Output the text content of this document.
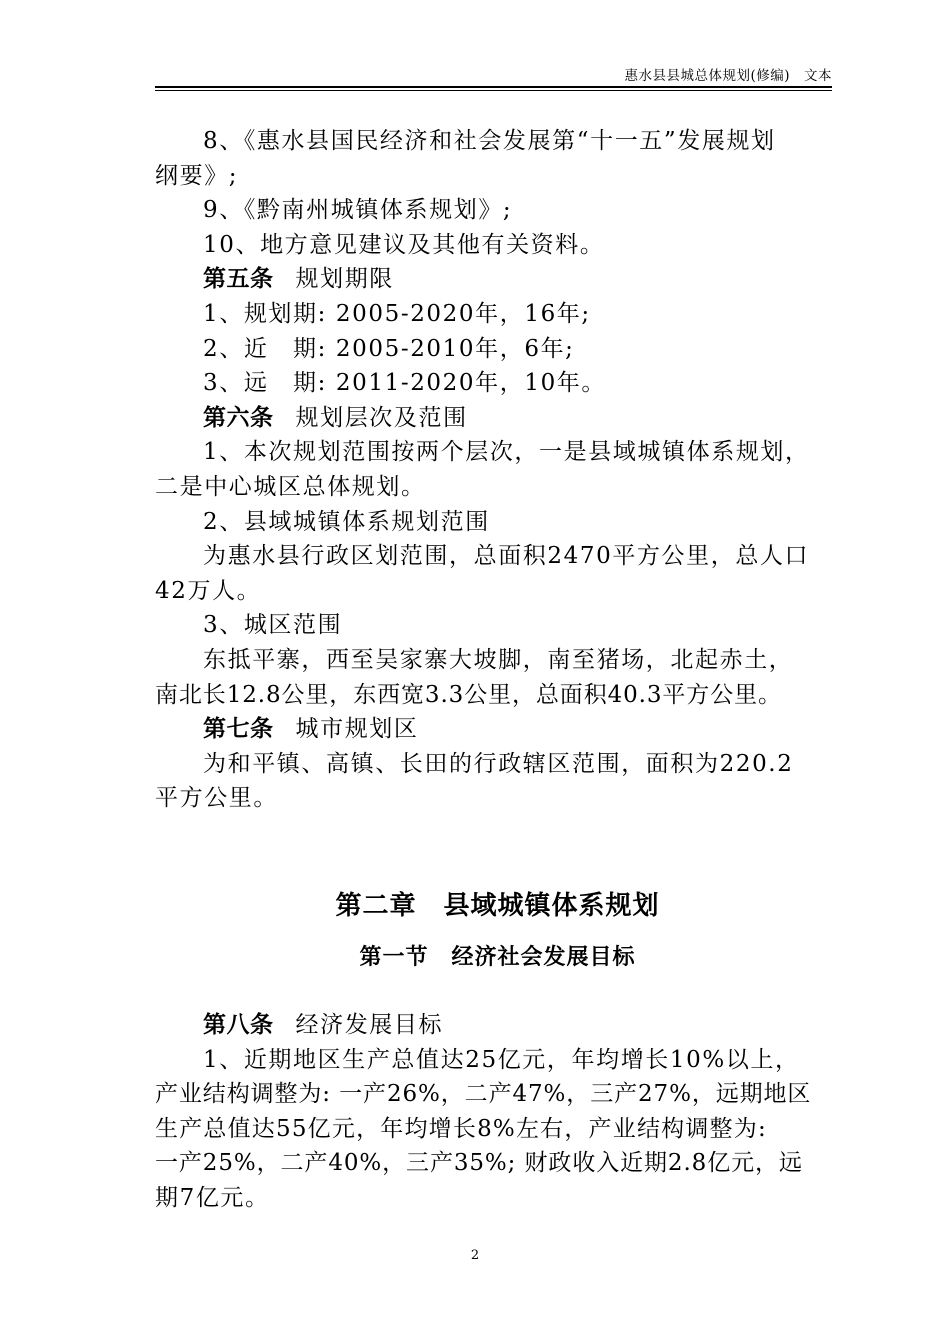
惠水县县城总体规划(修编)　文本

8、《惠水县国民经济和社会发展第“十一五”发展规划

纲要》;

9、《黔南州城镇体系规划》;

10、地方意见建议及其他有关资料。

第五条 规划期限

1、规划期: 2005-2020年，16年;

2、近　期: 2005-2010年，6年;

3、远　期: 2011-2020年，10年。

第六条 规划层次及范围

1、本次规划范围按两个层次，一是县域城镇体系规划，

二是中心城区总体规划。

2、县域城镇体系规划范围

为惠水县行政区划范围，总面积2470平方公里，总人口

42万人。

3、城区范围

东抵平寨，西至吴家寨大坡脚，南至猪场，北起赤土，

南北长12.8公里，东西宽3.3公里，总面积40.3平方公里。

第七条 城市规划区

为和平镇、高镇、长田的行政辖区范围，面积为220.2

平方公里。

第二章　县域城镇体系规划
第一节　经济社会发展目标

第八条 经济发展目标

1、近期地区生产总值达25亿元，年均增长10%以上，

产业结构调整为: 一产26%，二产47%，三产27%，远期地区

生产总值达55亿元，年均增长8%左右，产业结构调整为:

一产25%，二产40%，三产35%; 财政收入近期2.8亿元，远

期7亿元。

2
